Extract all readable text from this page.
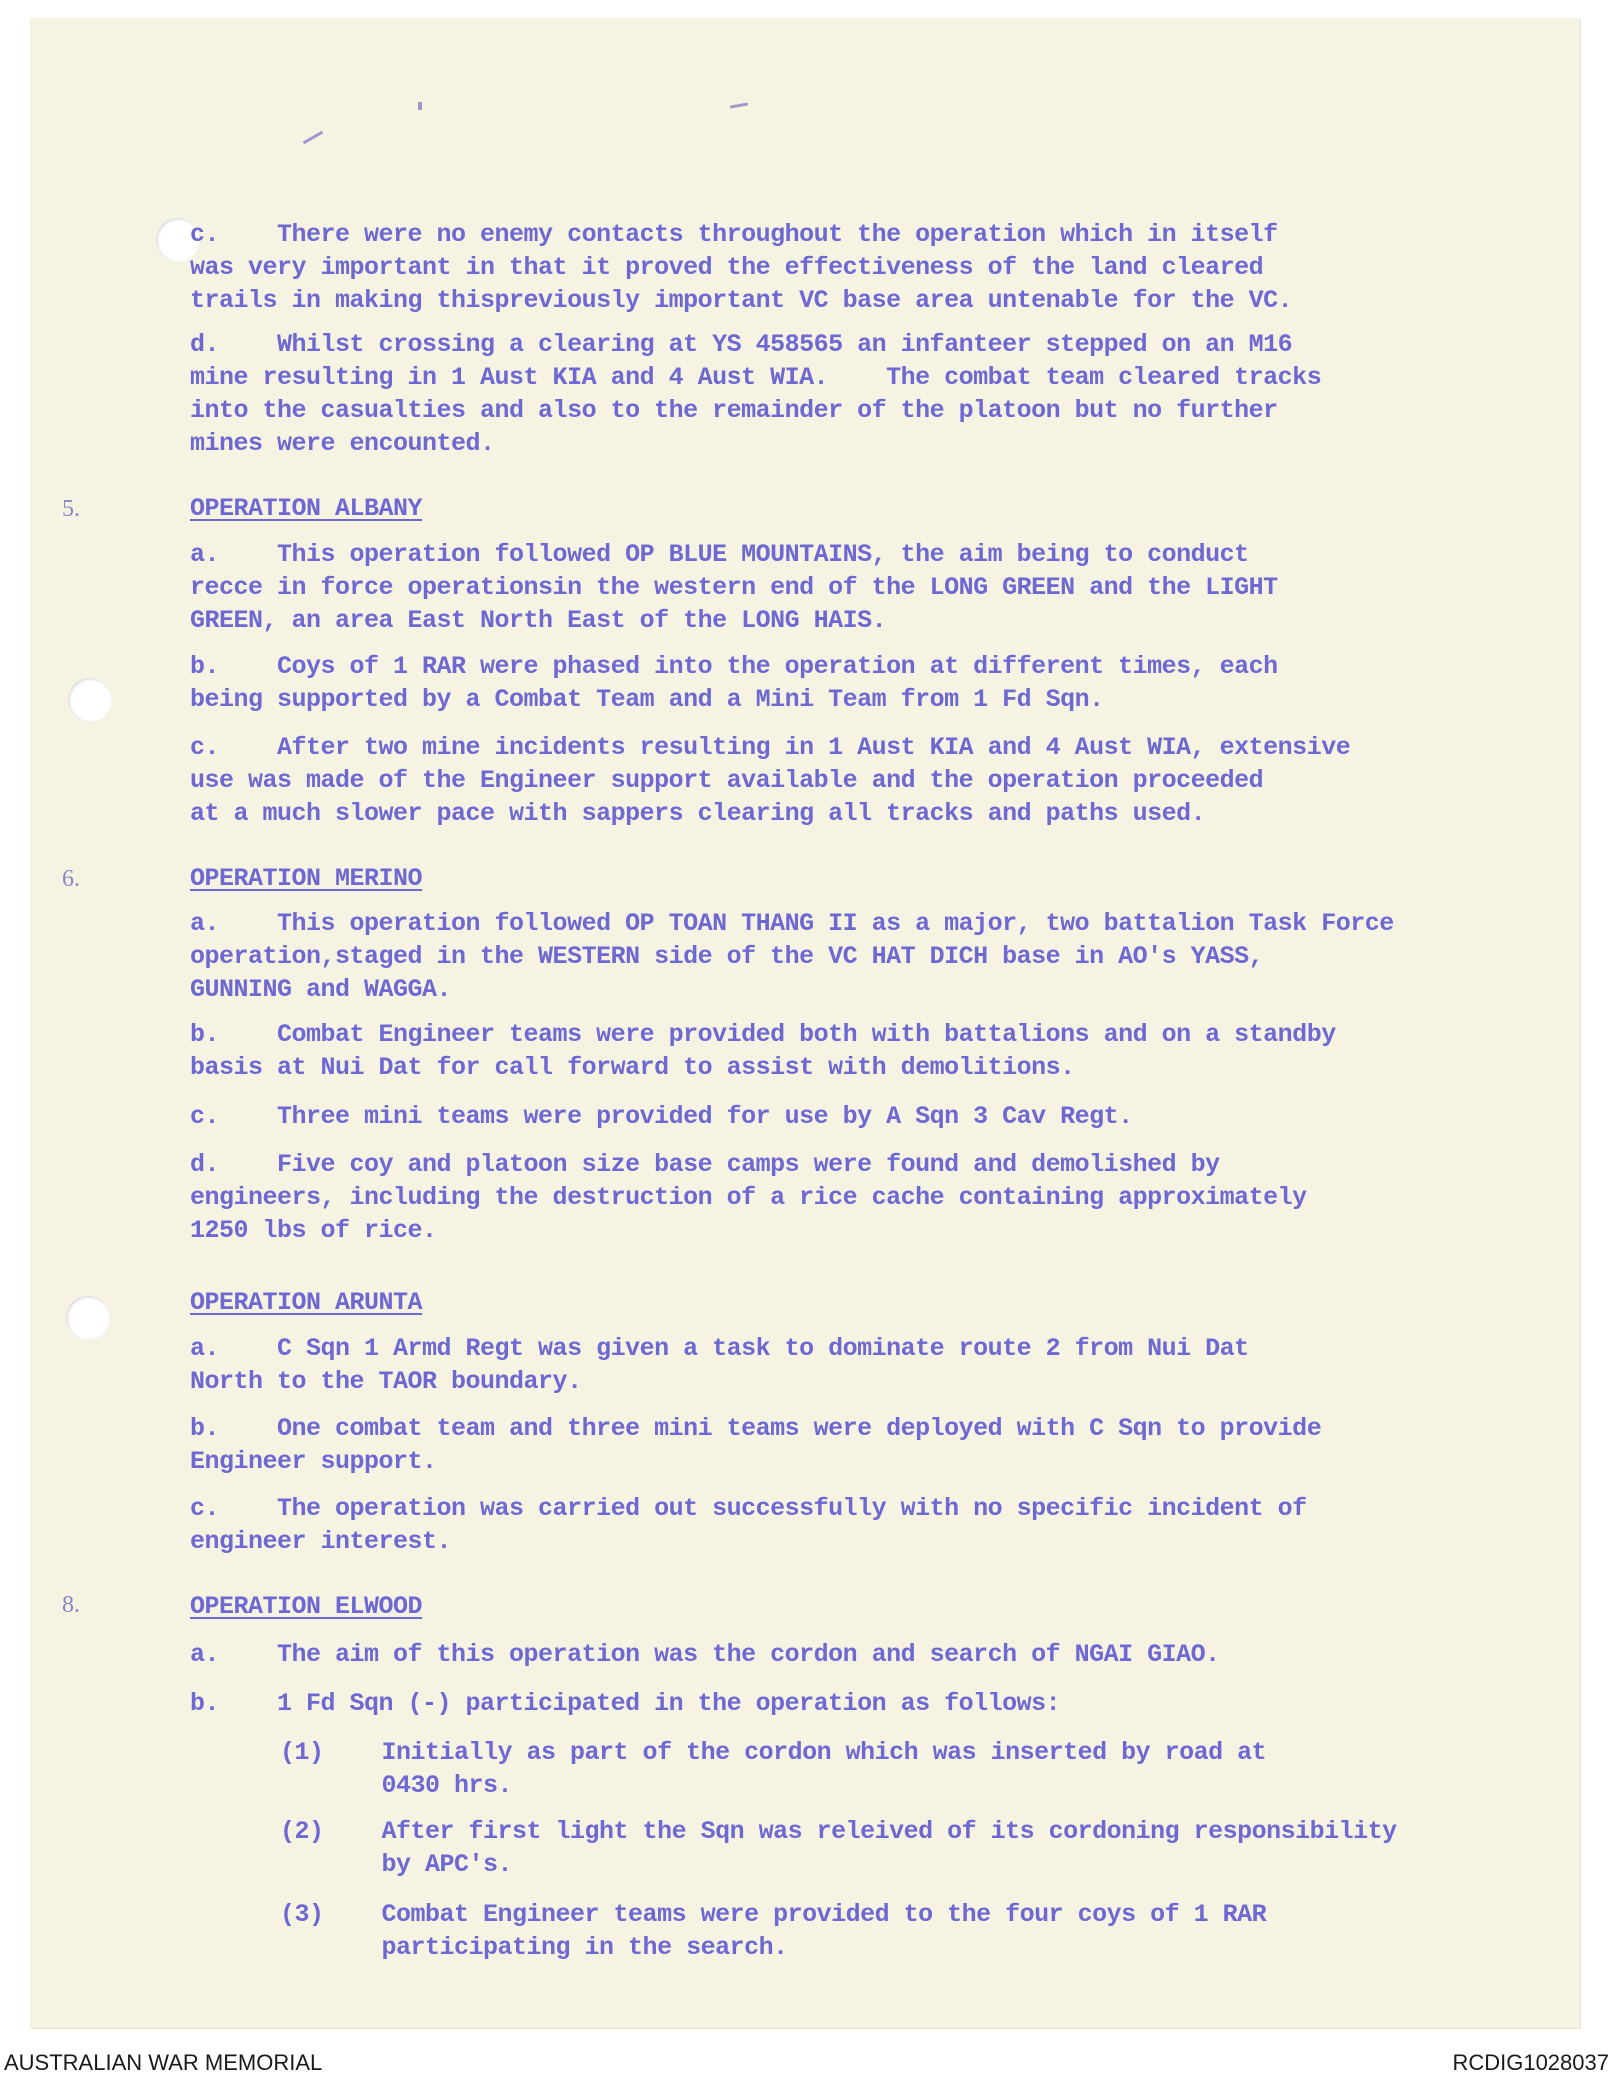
c.    There were no enemy contacts throughout the operation which in itself
was very important in that it proved the effectiveness of the land cleared
trails in making thispreviously important VC base area untenable for the VC.
d.    Whilst crossing a clearing at YS 458565 an infanteer stepped on an M16
mine resulting in 1 Aust KIA and 4 Aust WIA.    The combat team cleared tracks
into the casualties and also to the remainder of the platoon but no further
mines were encounted.
5.	OPERATION ALBANY
a.    This operation followed OP BLUE MOUNTAINS, the aim being to conduct
recce in force operationsin the western end of the LONG GREEN and the LIGHT
GREEN, an area East North East of the LONG HAIS.
b.    Coys of 1 RAR were phased into the operation at different times, each
being supported by a Combat Team and a Mini Team from 1 Fd Sqn.
c.    After two mine incidents resulting in 1 Aust KIA and 4 Aust WIA, extensive
use was made of the Engineer support available and the operation proceeded
at a much slower pace with sappers clearing all tracks and paths used.
6.	OPERATION MERINO
a.    This operation followed OP TOAN THANG II as a major, two battalion Task Force
operation,staged in the WESTERN side of the VC HAT DICH base in AO's YASS,
GUNNING and WAGGA.
b.    Combat Engineer teams were provided both with battalions and on a standby
basis at Nui Dat for call forward to assist with demolitions.
c.    Three mini teams were provided for use by A Sqn 3 Cav Regt.
d.    Five coy and platoon size base camps were found and demolished by
engineers, including the destruction of a rice cache containing approximately
1250 lbs of rice.
OPERATION ARUNTA
a.    C Sqn 1 Armd Regt was given a task to dominate route 2 from Nui Dat
North to the TAOR boundary.
b.    One combat team and three mini teams were deployed with C Sqn to provide
Engineer support.
c.    The operation was carried out successfully with no specific incident of
engineer interest.
8.	OPERATION ELWOOD
a.    The aim of this operation was the cordon and search of NGAI GIAO.
b.    1 Fd Sqn (-) participated in the operation as follows:
(1)    Initially as part of the cordon which was inserted by road at
0430 hrs.
(2)    After first light the Sqn was releived of its cordoning responsibility
by APC's.
(3)    Combat Engineer teams were provided to the four coys of 1 RAR
participating in the search.
AUSTRALIAN WAR MEMORIAL	RCDIG1028037
